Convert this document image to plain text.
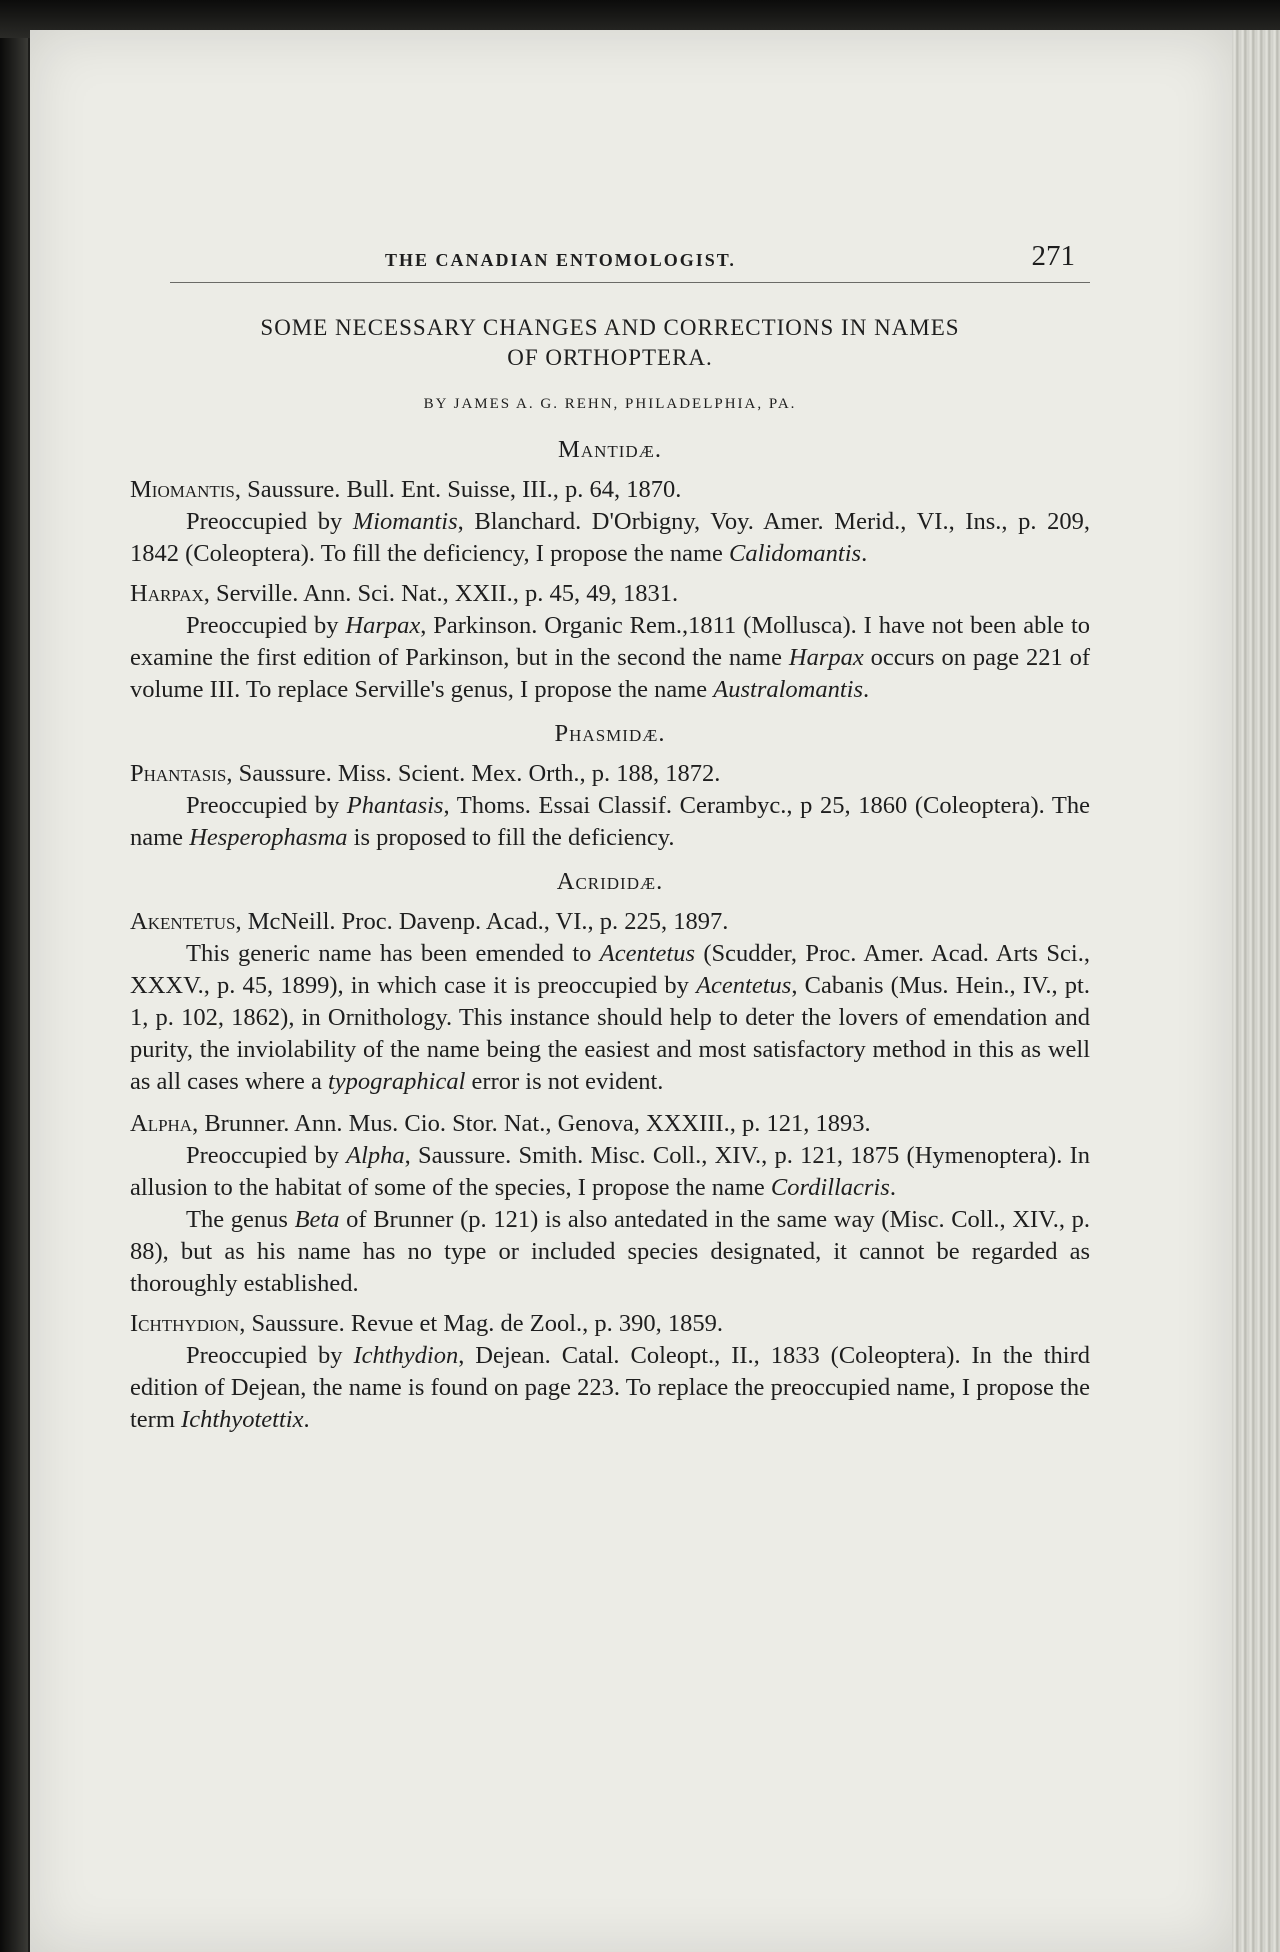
THE CANADIAN ENTOMOLOGIST.	271
SOME NECESSARY CHANGES AND CORRECTIONS IN NAMES
OF ORTHOPTERA.
BY JAMES A. G. REHN, PHILADELPHIA, PA.
Mantidæ.

Miomantis, Saussure. Bull. Ent. Suisse, III., p. 64, 1870.

Preoccupied by Miomantis, Blanchard. D'Orbigny, Voy. Amer. Merid., VI., Ins., p. 209, 1842 (Coleoptera). To fill the deficiency, I propose the name Calidomantis.

Harpax, Serville. Ann. Sci. Nat., XXII., p. 45, 49, 1831.

Preoccupied by Harpax, Parkinson. Organic Rem.,1811 (Mollusca). I have not been able to examine the first edition of Parkinson, but in the second the name Harpax occurs on page 221 of volume III. To replace Serville's genus, I propose the name Australomantis.

Phasmidæ.

Phantasis, Saussure. Miss. Scient. Mex. Orth., p. 188, 1872.

Preoccupied by Phantasis, Thoms. Essai Classif. Cerambyc., p 25, 1860 (Coleoptera). The name Hesperophasma is proposed to fill the deficiency.

Acrididæ.

Akentetus, McNeill. Proc. Davenp. Acad., VI., p. 225, 1897.

This generic name has been emended to Acentetus (Scudder, Proc. Amer. Acad. Arts Sci., XXXV., p. 45, 1899), in which case it is preoccupied by Acentetus, Cabanis (Mus. Hein., IV., pt. 1, p. 102, 1862), in Ornithology. This instance should help to deter the lovers of emendation and purity, the inviolability of the name being the easiest and most satisfactory method in this as well as all cases where a typographical error is not evident.

Alpha, Brunner. Ann. Mus. Cio. Stor. Nat., Genova, XXXIII., p. 121, 1893.

Preoccupied by Alpha, Saussure. Smith. Misc. Coll., XIV., p. 121, 1875 (Hymenoptera). In allusion to the habitat of some of the species, I propose the name Cordillacris.

The genus Beta of Brunner (p. 121) is also antedated in the same way (Misc. Coll., XIV., p. 88), but as his name has no type or included species designated, it cannot be regarded as thoroughly established.

Ichthydion, Saussure. Revue et Mag. de Zool., p. 390, 1859.

Preoccupied by Ichthydion, Dejean. Catal. Coleopt., II., 1833 (Coleoptera). In the third edition of Dejean, the name is found on page 223. To replace the preoccupied name, I propose the term Ichthyotettix.
